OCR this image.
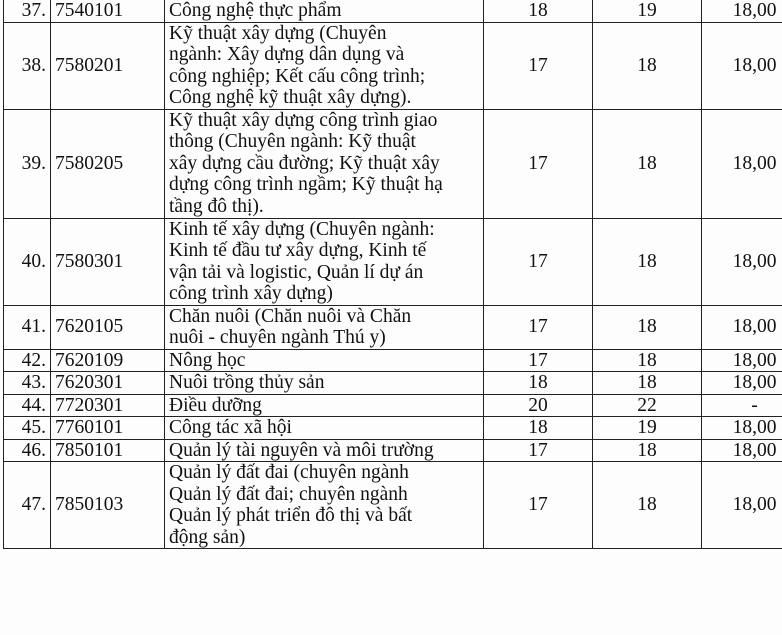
37.	7540101	Công nghệ thực phẩm	18	19	18,00
38.	7580201	Kỹ thuật xây dựng (Chuyên
ngành: Xây dựng dân dụng và
công nghiệp; Kết cấu công trình;
Công nghệ kỹ thuật xây dựng).	17	18	18,00
39.	7580205	Kỹ thuật xây dựng công trình giao
thông (Chuyên ngành: Kỹ thuật
xây dựng cầu đường; Kỹ thuật xây
dựng công trình ngầm; Kỹ thuật hạ
tầng đô thị).	17	18	18,00
40.	7580301	Kinh tế xây dựng (Chuyên ngành:
Kinh tế đầu tư xây dựng, Kinh tế
vận tải và logistic, Quản lí dự án
công trình xây dựng)	17	18	18,00
41.	7620105	Chăn nuôi (Chăn nuôi và Chăn
nuôi - chuyên ngành Thú y)	17	18	18,00
42.	7620109	Nông học	17	18	18,00
43.	7620301	Nuôi trồng thủy sản	18	18	18,00
44.	7720301	Điều dưỡng	20	22	-
45.	7760101	Công tác xã hội	18	19	18,00
46.	7850101	Quản lý tài nguyên và môi trường	17	18	18,00
47.	7850103	Quản lý đất đai (chuyên ngành
Quản lý đất đai; chuyên ngành
Quản lý phát triển đô thị và bất
động sản)	17	18	18,00
